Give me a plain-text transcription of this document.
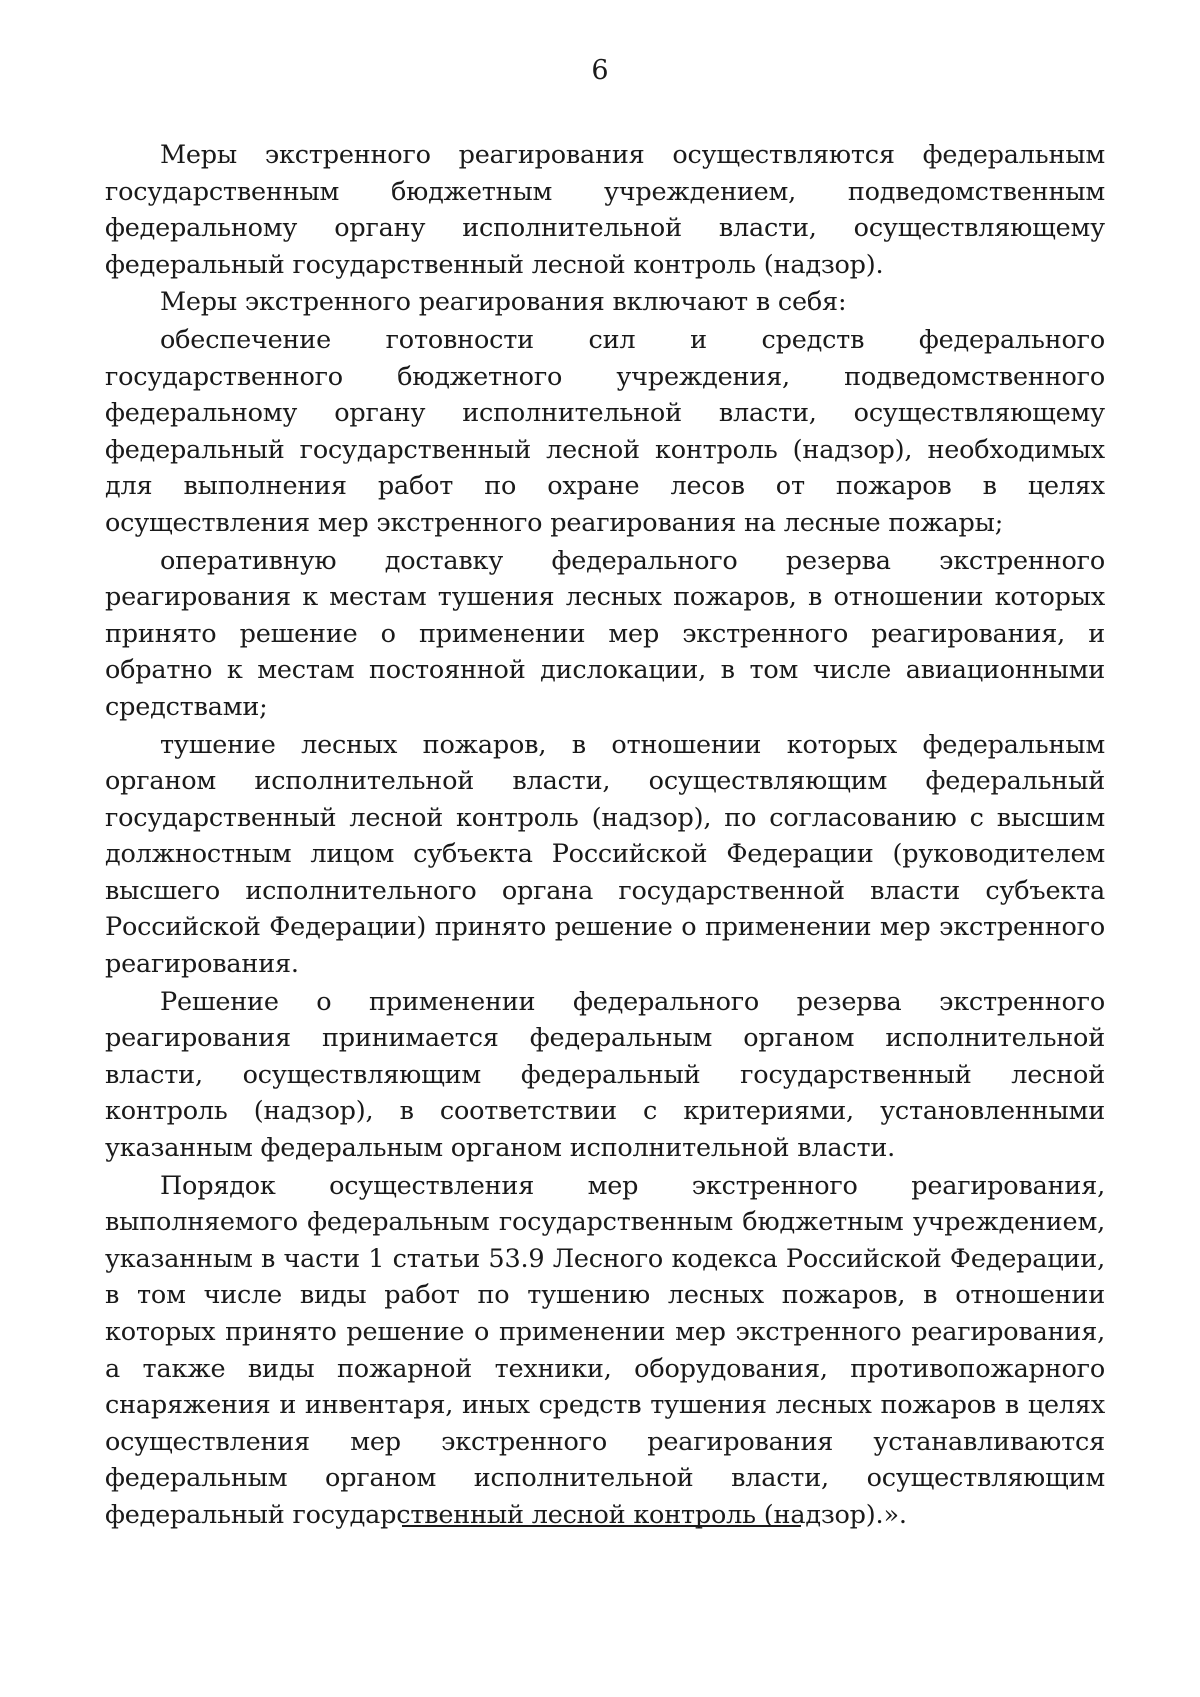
6

Меры экстренного реагирования осуществляются федеральным государственным бюджетным учреждением, подведомственным федеральному органу исполнительной власти, осуществляющему федеральный государственный лесной контроль (надзор).

Меры экстренного реагирования включают в себя:

обеспечение готовности сил и средств федерального государственного бюджетного учреждения, подведомственного федеральному органу исполнительной власти, осуществляющему федеральный государственный лесной контроль (надзор), необходимых для выполнения работ по охране лесов от пожаров в целях осуществления мер экстренного реагирования на лесные пожары;

оперативную доставку федерального резерва экстренного реагирования к местам тушения лесных пожаров, в отношении которых принято решение о применении мер экстренного реагирования, и обратно к местам постоянной дислокации, в том числе авиационными средствами;

тушение лесных пожаров, в отношении которых федеральным органом исполнительной власти, осуществляющим федеральный государственный лесной контроль (надзор), по согласованию с высшим должностным лицом субъекта Российской Федерации (руководителем высшего исполнительного органа государственной власти субъекта Российской Федерации) принято решение о применении мер экстренного реагирования.

Решение о применении федерального резерва экстренного реагирования принимается федеральным органом исполнительной власти, осуществляющим федеральный государственный лесной контроль (надзор), в соответствии с критериями, установленными указанным федеральным органом исполнительной власти.

Порядок осуществления мер экстренного реагирования, выполняемого федеральным государственным бюджетным учреждением, указанным в части 1 статьи 53.9 Лесного кодекса Российской Федерации, в том числе виды работ по тушению лесных пожаров, в отношении которых принято решение о применении мер экстренного реагирования, а также виды пожарной техники, оборудования, противопожарного снаряжения и инвентаря, иных средств тушения лесных пожаров в целях осуществления мер экстренного реагирования устанавливаются федеральным органом исполнительной власти, осуществляющим федеральный государственный лесной контроль (надзор).».
